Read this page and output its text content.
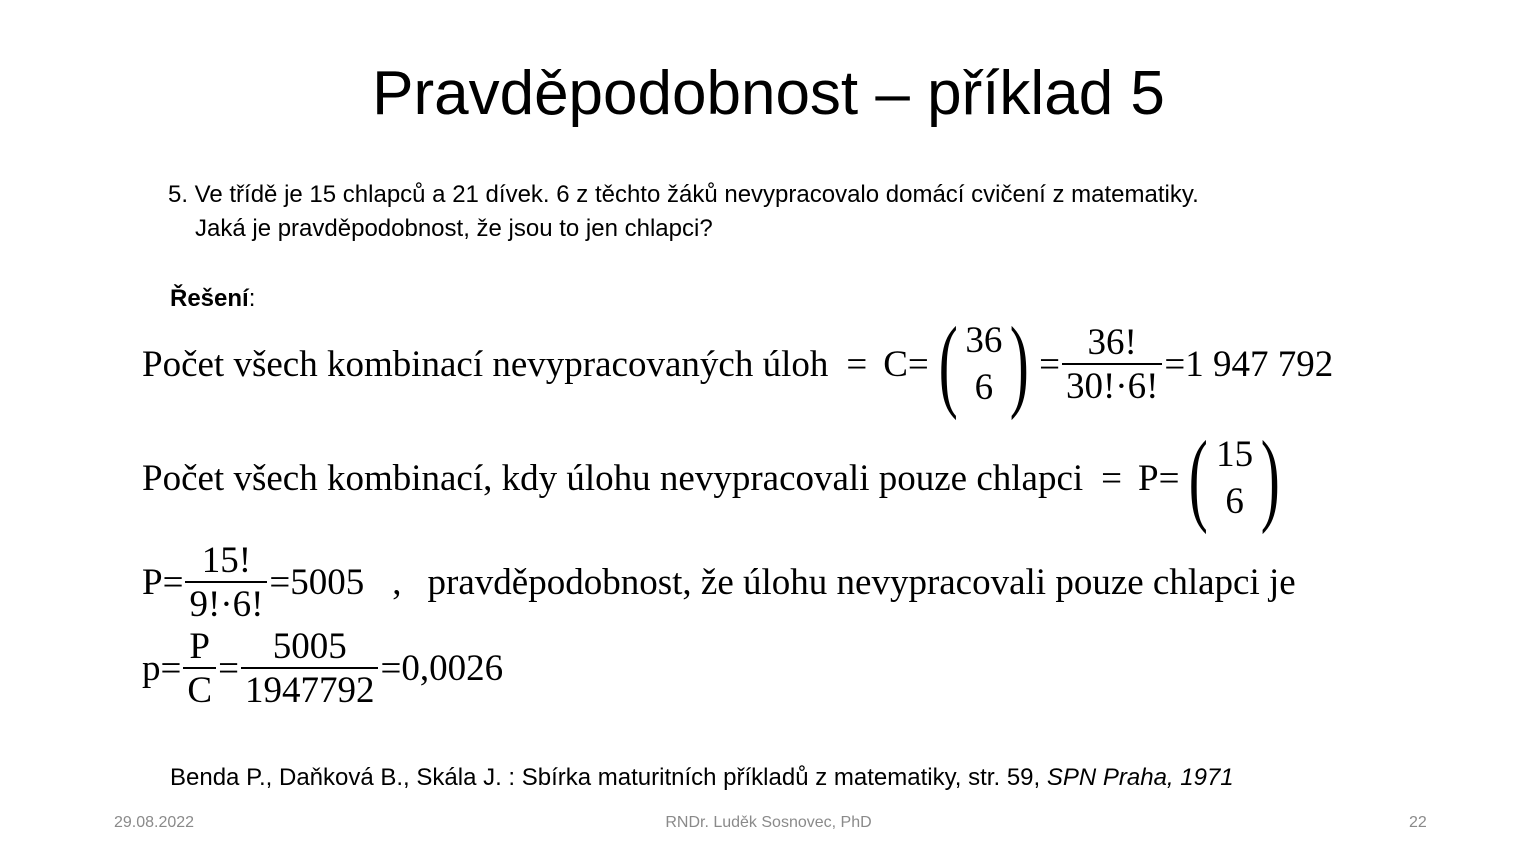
Pravděpodobnost – příklad 5
5. Ve třídě je 15 chlapců a 21 dívek. 6 z těchto žáků nevypracovalo domácí cvičení z matematiky.
Jaká je pravděpodobnost, že jsou to jen chlapci?
Řešení:
Počet všech kombinací nevypracovaných úloh = C = ( 36
6 ) = $\frac{36!}{30!\cdot 6!} = 1$ 947 792
Počet všech kombinací, kdy úlohu nevypracovali pouze chlapci = P = ( 15
6 )
$P = \frac{15!}{9!\cdot 6!} = 5005$ , pravděpodobnost, že úlohu nevypracovali pouze chlapci je
$p = \frac{P}{C} = \frac{5005}{1947792} = 0,0026$
Benda P., Daňková B., Skála J. : Sbírka maturitních příkladů z matematiky, str. 59, SPN Praha, 1971
29.08.2022	RNDr. Luděk Sosnovec, PhD	22
